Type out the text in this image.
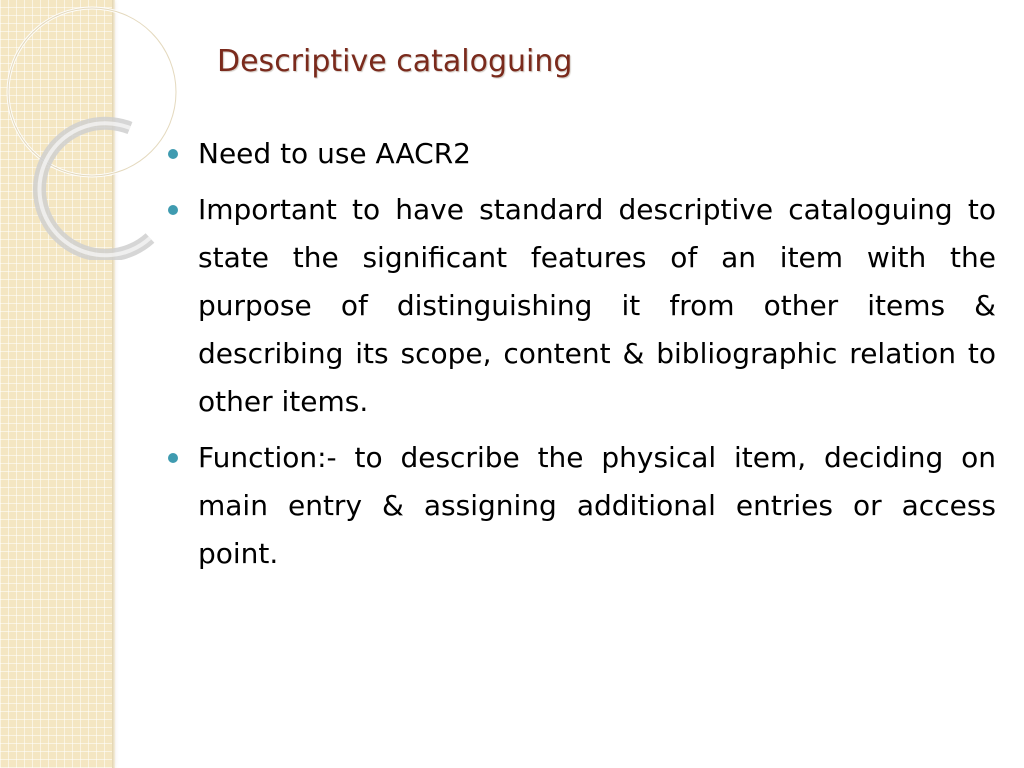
Descriptive cataloguing
Need to use AACR2
Important to have standard descriptive cataloguing to state the significant features of an item with the purpose of distinguishing it from other items & describing its scope, content & bibliographic relation to other items.
Function:- to describe the physical item, deciding on main entry & assigning additional entries or access point.
